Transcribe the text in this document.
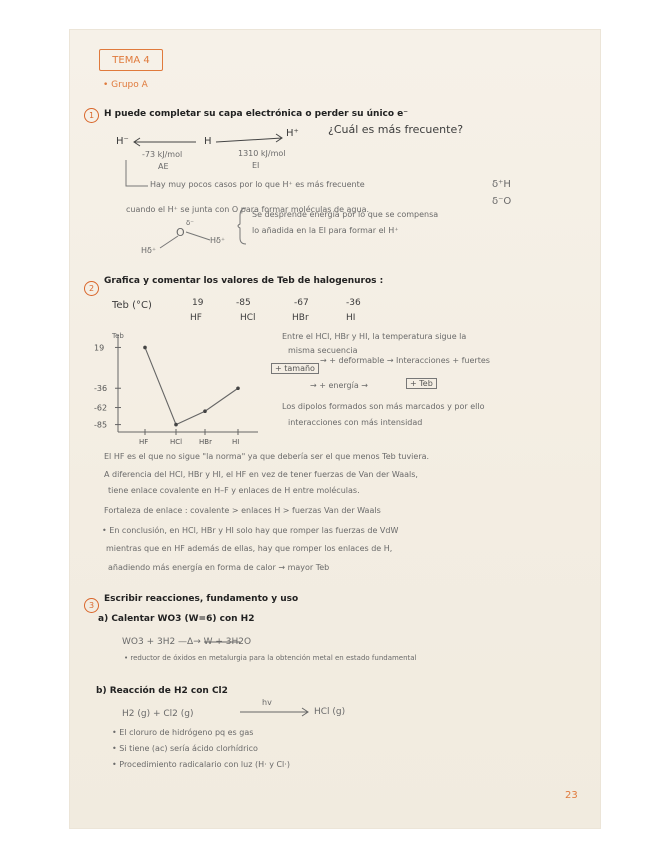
TEMA 4
• Grupo A
1	H puede completar su capa electrónica o perder su único e⁻
H⁻	H
H⁺	¿Cuál es más frecuente?
-73 kJ/mol
AE
1310 kJ/mol
EI
Hay muy pocos casos por lo que H⁺ es más frecuente
cuando el H⁺ se junta con O para formar moléculas de agua.
δ⁺H
δ⁻O
O
δ⁻
Hδ⁺
Hδ⁺
Se desprende energía por lo que se compensa
lo añadida en la EI para formar el H⁺
2
Grafica y comentar los valores de Teb de halogenuros :
Teb (°C)	19	-85	-67	-36
HF	HCl	HBr	HI
Teb
19
-36
-62
-85
HF	HCl HBr	HI
Entre el HCl, HBr y HI, la temperatura sigue la
misma secuencia
+ tamaño
→ + deformable → Interacciones + fuertes
→ + energía →	+ Teb
Los dipolos formados son más marcados y por ello
interacciones con más intensidad
El HF es el que no sigue "la norma" ya que debería ser el que menos Teb tuviera.
A diferencia del HCl, HBr y HI, el HF en vez de tener fuerzas de Van der Waals,
tiene enlace covalente en H–F y enlaces de H entre moléculas.
Fortaleza de enlace : covalente > enlaces H > fuerzas Van der Waals
• En conclusión, en HCl, HBr y HI solo hay que romper las fuerzas de VdW
mientras que en HF además de ellas, hay que romper los enlaces de H,
añadiendo más energía en forma de calor → mayor Teb
3
Escribir reacciones, fundamento y uso
a) Calentar WO3 (W=6) con H2
WO3 + 3H2 —Δ→ W + 3H2O
• reductor de óxidos en metalurgia para la obtención metal en estado fundamental
b) Reacción de H2 con Cl2
H2 (g) + Cl2 (g)
hv
HCl (g)
• El cloruro de hidrógeno pq es gas
• Si tiene (ac) sería ácido clorhídrico
• Procedimiento radicalario con luz (H· y Cl·)
23
